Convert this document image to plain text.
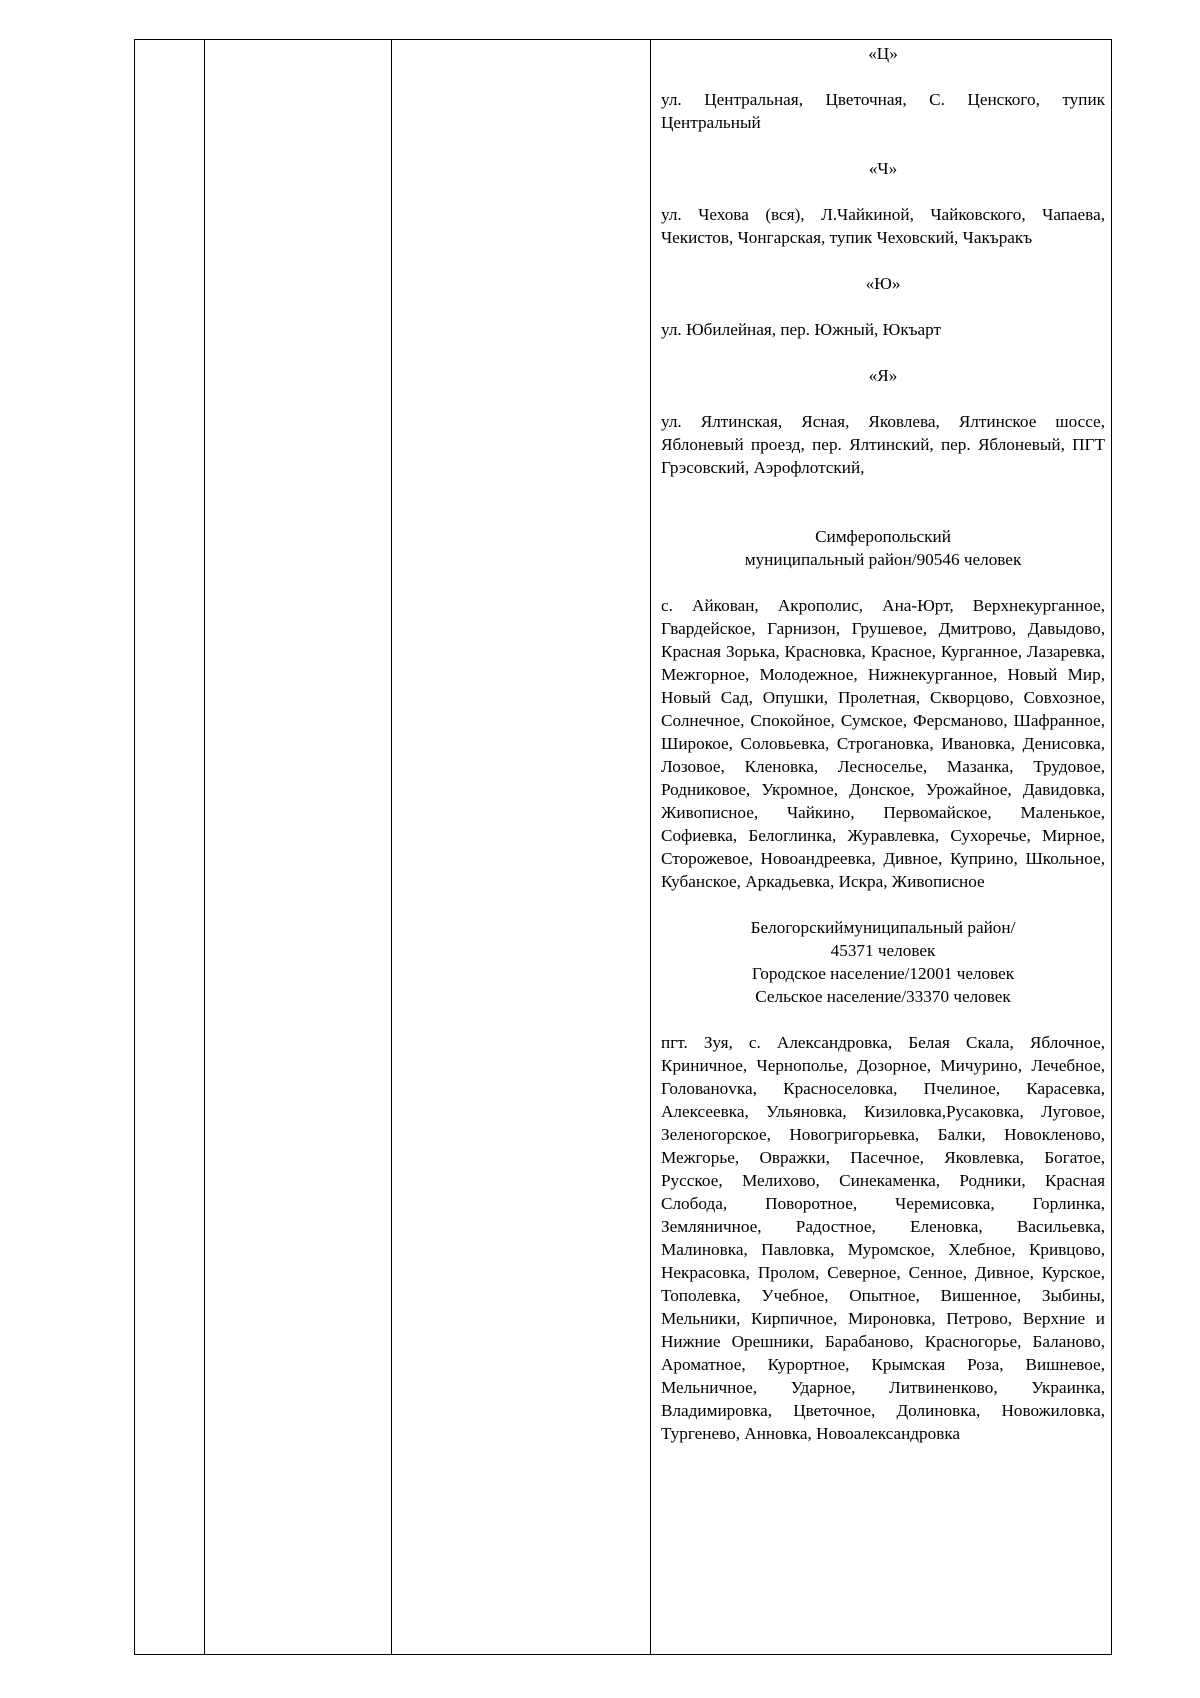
«Ц»

ул. Центральная, Цветочная, С. Ценского, тупик Центральный

«Ч»

ул. Чехова (вся), Л.Чайкиной, Чайковского, Чапаева, Чекистов, Чонгарская, тупик Чеховский, Чакъракъ

«Ю»

ул. Юбилейная, пер. Южный, Юкъарт

«Я»

ул. Ялтинская, Ясная, Яковлева, Ялтинское шоссе, Яблоневый проезд, пер. Ялтинский, пер. Яблоневый, ПГТ Грэсовский, Аэрофлотский,

Симферопольский

муниципальный район/90546 человек

с. Айкован, Акрополис, Ана-Юрт, Верхнекурганное, Гвардейское, Гарнизон, Грушевое, Дмитрово, Давыдово, Красная Зорька, Красновка, Красное, Курганное, Лазаревка, Межгорное, Молодежное, Нижнекурганное, Новый Мир, Новый Сад, Опушки, Пролетная, Скворцово, Совхозное, Солнечное, Спокойное, Сумское, Ферсманово, Шафранное, Широкое, Соловьевка, Строгановка, Ивановка, Денисовка, Лозовое, Кленовка, Лесноселье, Мазанка, Трудовое, Родниковое, Укромное, Донское, Урожайное, Давидовка, Живописное, Чайкино, Первомайское, Маленькое, Софиевка, Белоглинка, Журавлевка, Сухоречье, Мирное, Сторожевое, Новоандреевка, Дивное, Куприно, Школьное, Кубанское, Аркадьевка, Искра, Живописное

Белогорскиймуниципальный район/

45371 человек

Городское население/12001 человек

Сельское население/33370 человек

пгт. Зуя, с. Александровка, Белая Скала, Яблочное, Криничное, Чернополье, Дозорное, Мичурино, Лечебное, Голованоvка, Красноселовка, Пчелиное, Карасевка, Алексеевка, Ульяновка, Кизиловка,Русаковка, Луговое, Зеленогорское, Новогригорьевка, Балки, Новокленово, Межгорье, Овражки, Пасечное, Яковлевка, Богатое, Русское, Мелихово, Синекаменка, Родники, Красная Слобода, Поворотное, Черемисовка, Горлинка, Земляничное, Радостное, Еленовка, Васильевка, Малиновка, Павловка, Муромское, Хлебное, Кривцово, Некрасовка, Пролом, Северное, Сенное, Дивное, Курское, Тополевка, Учебное, Опытное, Вишенное, Зыбины, Мельники, Кирпичное, Мироновка, Петрово, Верхние и Нижние Орешники, Барабаново, Красногорье, Баланово, Ароматное, Курортное, Крымская Роза, Вишневое, Мельничное, Ударное, Литвиненково, Украинка, Владимировка, Цветочное, Долиновка, Новожиловка, Тургенево, Анновка, Новоалександровка
